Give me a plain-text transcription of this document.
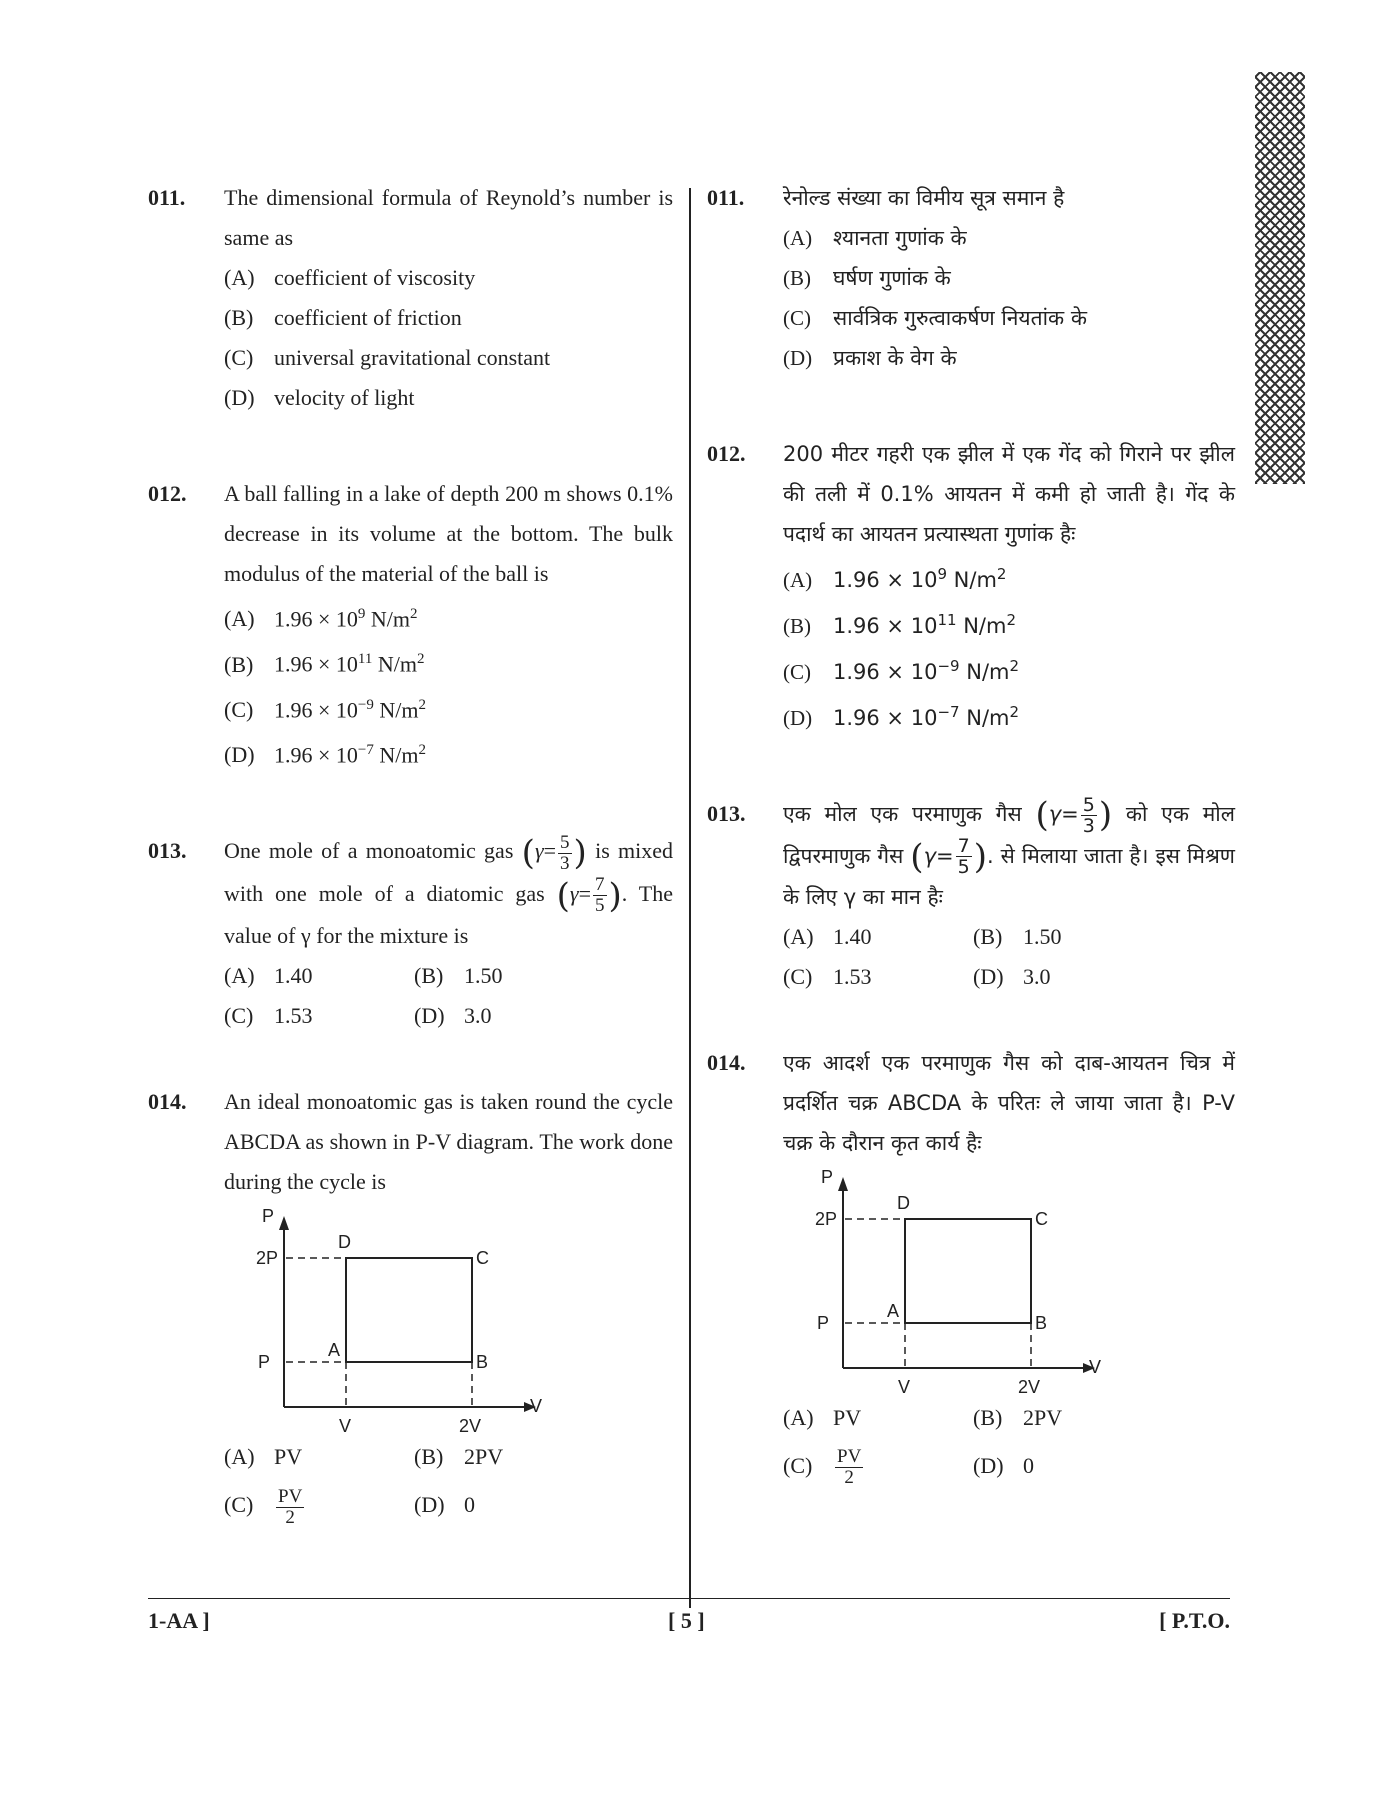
011. The dimensional formula of Reynold’s number is same as
(A) coefficient of viscosity
(B) coefficient of friction
(C) universal gravitational constant
(D) velocity of light
012. A ball falling in a lake of depth 200 m shows 0.1% decrease in its volume at the bottom. The bulk modulus of the material of the ball is
(A) $1.96 \times 10^9$ $N/m^2$
(B) $1.96 \times 10^{11}$ $N/m^2$
(C) $1.96 \times 10^{-9}$ $N/m^2$
(D) $1.96 \times 10^{-7}$ $N/m^2$
013. One mole of a monoatomic gas ($\gamma= \frac{5}{3}$ ) is mixed with one mole of a diatomic gas ($\gamma= \frac{7}{5}$ ). The value of γ for the mixture is
(A) 1.40	(B) 1.50
(C) 1.53	(D) 3.0
014. An ideal monoatomic gas is taken round the cycle ABCDA as shown in P-V diagram. The work done during the cycle is
P
V
2P
P
V	2V
A
B
C
D
(A) PV	(B) 2PV
$(C) \frac{PV}{2}$	(D) 0
011. रेनोल्ड संख्या का विमीय सूत्र समान है
(A) श्यानता गुणांक के
(B) घर्षण गुणांक के
(C) सार्वत्रिक गुरुत्वाकर्षण नियतांक के
(D) प्रकाश के वेग के
012. 200 मीटर गहरी एक झील में एक गेंद को गिराने पर झील की तली में 0.1% आयतन में कमी हो जाती है। गेंद के पदार्थ का आयतन प्रत्यास्थता गुणांक हैः
(A) $1.96 \times 10^9$ $N/m^2$
(B) $1.96 \times 10^{11}$ $N/m^2$
(C) $1.96 \times 10^{-9}$ $N/m^2$
(D) $1.96 \times 10^{-7}$ $N/m^2$
013. एक मोल एक परमाणुक गैस ($\gamma= \frac{5}{3}$ ) को एक मोल द्विपरमाणुक गैस ($\gamma= \frac{7}{5}$ ). से मिलाया जाता है। इस मिश्रण के लिए γ का मान हैः
(A) 1.40	(B) 1.50
(C) 1.53	(D) 3.0
014. एक आदर्श एक परमाणुक गैस को दाब-आयतन चित्र में प्रदर्शित चक्र ABCDA के परितः ले जाया जाता है। P-V चक्र के दौरान कृत कार्य हैः
P
V
2P
P
V	2V
A
B
C
D
(A) PV	(B) 2PV
$(C) \frac{PV}{2}$	(D) 0
1-AA ]	[ 5 ]	[ P.T.O.
